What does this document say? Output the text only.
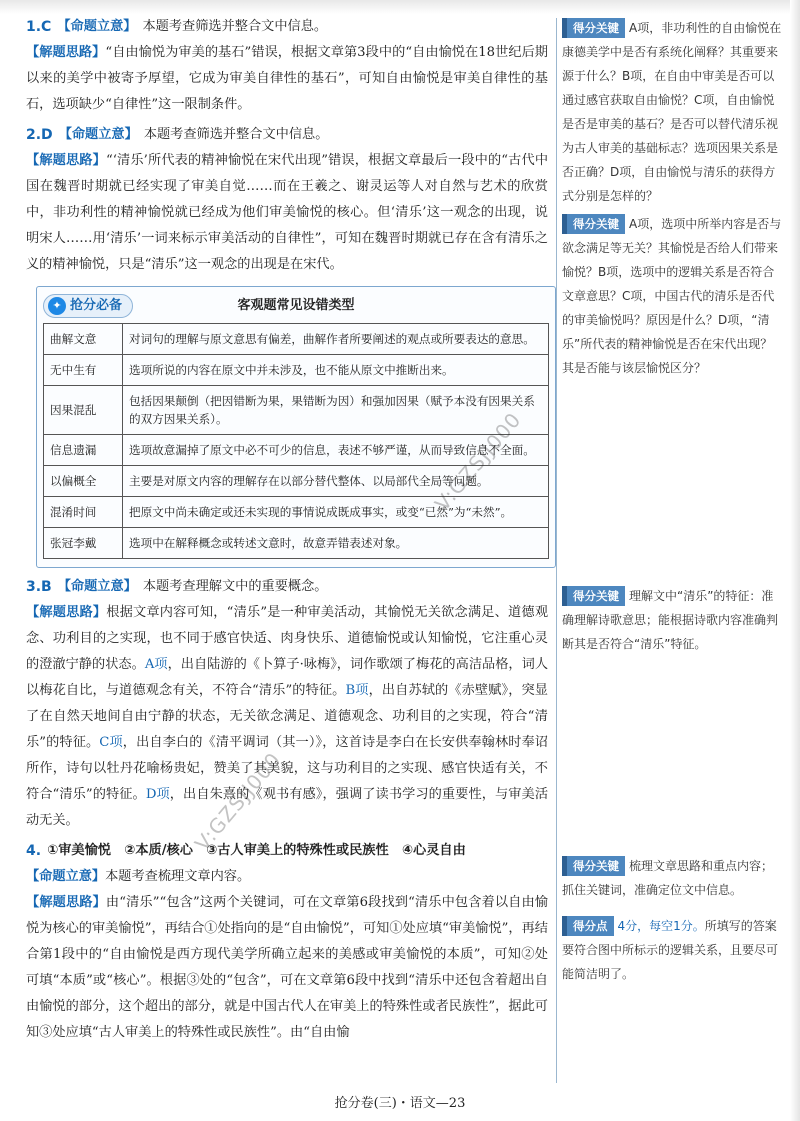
1.C 【命题立意】 本题考查筛选并整合文中信息。

【解题思路】“自由愉悦为审美的基石”错误，根据文章第3段中的“自由愉悦在18世纪后期以来的美学中被寄予厚望，它成为审美自律性的基石”，可知自由愉悦是审美自律性的基石，选项缺少“自律性”这一限制条件。

2.D 【命题立意】 本题考查筛选并整合文中信息。

【解题思路】“‘清乐’所代表的精神愉悦在宋代出现”错误，根据文章最后一段中的“古代中国在魏晋时期就已经实现了审美自觉……而在王羲之、谢灵运等人对自然与艺术的欣赏中，非功利性的精神愉悦就已经成为他们审美愉悦的核心。但‘清乐’这一观念的出现，说明宋人……用‘清乐’一词来标示审美活动的自律性”，可知在魏晋时期就已存在含有清乐之义的精神愉悦，只是“清乐”这一观念的出现是在宋代。

✦ 抢分必备	客观题常见设错类型
曲解文意	对词句的理解与原文意思有偏差，曲解作者所要阐述的观点或所要表达的意思。
无中生有	选项所说的内容在原文中并未涉及，也不能从原文中推断出来。
因果混乱	包括因果颠倒（把因错断为果，果错断为因）和强加因果（赋予本没有因果关系的双方因果关系）。
信息遗漏	选项故意漏掉了原文中必不可少的信息，表述不够严谨，从而导致信息不全面。
以偏概全	主要是对原文内容的理解存在以部分替代整体、以局部代全局等问题。
混淆时间	把原文中尚未确定或还未实现的事情说成既成事实，或变“已然”为“未然”。
张冠李戴	选项中在解释概念或转述文意时，故意弄错表述对象。
3.B 【命题立意】 本题考查理解文中的重要概念。

【解题思路】根据文章内容可知，“清乐”是一种审美活动，其愉悦无关欲念满足、道德观念、功利目的之实现，也不同于感官快适、肉身快乐、道德愉悦或认知愉悦，它注重心灵的澄澈宁静的状态。A项，出自陆游的《卜算子·咏梅》，词作歌颂了梅花的高洁品格，词人以梅花自比，与道德观念有关，不符合“清乐”的特征。B项，出自苏轼的《赤壁赋》，突显了在自然天地间自由宁静的状态，无关欲念满足、道德观念、功利目的之实现，符合“清乐”的特征。C项，出自李白的《清平调词（其一）》，这首诗是李白在长安供奉翰林时奉诏所作，诗句以牡丹花喻杨贵妃，赞美了其美貌，这与功利目的之实现、感官快适有关，不符合“清乐”的特征。D项，出自朱熹的《观书有感》，强调了读书学习的重要性，与审美活动无关。

4. ①审美愉悦　②本质/核心　③古人审美上的特殊性或民族性　④心灵自由

【命题立意】本题考查梳理文章内容。

【解题思路】由“清乐”“包含”这两个关键词，可在文章第6段找到“清乐中包含着以自由愉悦为核心的审美愉悦”，再结合①处指向的是“自由愉悦”，可知①处应填“审美愉悦”，再结合第1段中的“自由愉悦是西方现代美学所确立起来的美感或审美愉悦的本质”，可知②处可填“本质”或“核心”。根据③处的“包含”，可在文章第6段中找到“清乐中还包含着超出自由愉悦的部分，这个超出的部分，就是中国古代人在审美上的特殊性或者民族性”，据此可知③处应填“古人审美上的特殊性或民族性”。由“自由愉

得分关键 A项，非功利性的自由愉悦在康德美学中是否有系统化阐释？其重要来源于什么？B项，在自由中审美是否可以通过感官获取自由愉悦？C项，自由愉悦是否是审美的基石？是否可以替代清乐视为古人审美的基础标志？选项因果关系是否正确？D项，自由愉悦与清乐的获得方式分别是怎样的？

得分关键 A项，选项中所举内容是否与欲念满足等无关？其愉悦是否给人们带来愉悦？B项，选项中的逻辑关系是否符合文章意思？C项，中国古代的清乐是否代的审美愉悦吗？原因是什么？D项，“清乐”所代表的精神愉悦是否在宋代出现？其是否能与该层愉悦区分？

得分关键 理解文中“清乐”的特征：准确理解诗歌意思；能根据诗歌内容准确判断其是否符合“清乐”特征。

得分关键 梳理文章思路和重点内容；抓住关键词，准确定位文中信息。

得分点 4分，每空1分。所填写的答案要符合图中所标示的逻辑关系，且要尽可能简洁明了。

V:GZSJJ000
V:GZSJJ000
抢分卷(三)・语文—23
